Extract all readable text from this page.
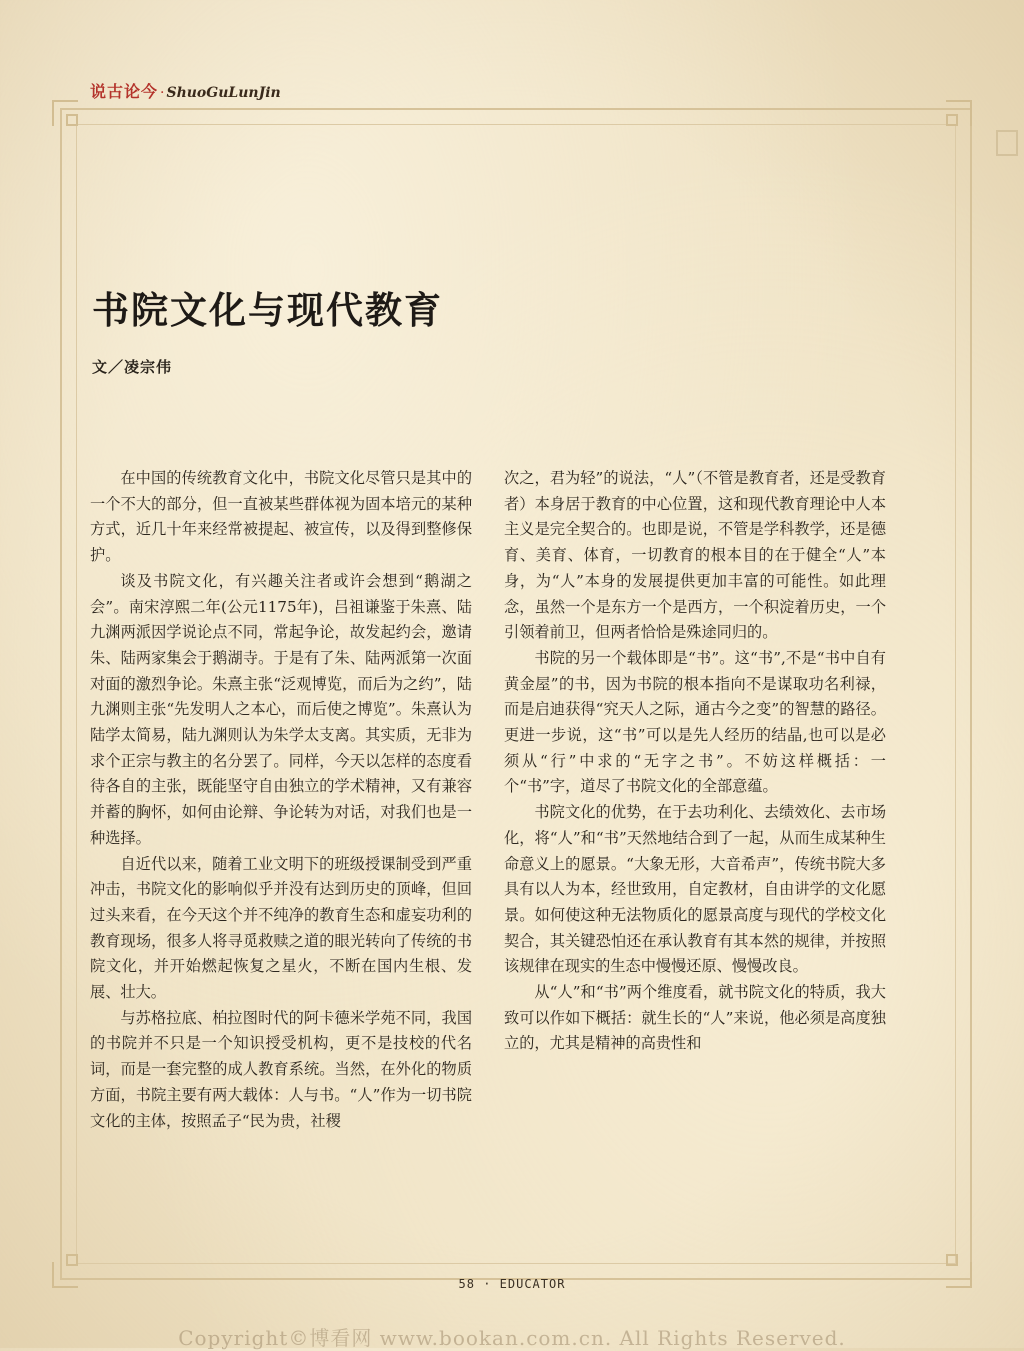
说古论今 · ShuoGuLunJin
书院文化与现代教育
文／凌宗伟

在中国的传统教育文化中，书院文化尽管只是其中的一个不大的部分，但一直被某些群体视为固本培元的某种方式，近几十年来经常被提起、被宣传，以及得到整修保护。

谈及书院文化，有兴趣关注者或许会想到“鹅湖之会”。南宋淳熙二年(公元1175年)，吕祖谦鉴于朱熹、陆九渊两派因学说论点不同，常起争论，故发起约会，邀请朱、陆两家集会于鹅湖寺。于是有了朱、陆两派第一次面对面的激烈争论。朱熹主张“泛观博览，而后为之约”，陆九渊则主张“先发明人之本心，而后使之博览”。朱熹认为陆学太简易，陆九渊则认为朱学太支离。其实质，无非为求个正宗与教主的名分罢了。同样，今天以怎样的态度看待各自的主张，既能坚守自由独立的学术精神，又有兼容并蓄的胸怀，如何由论辩、争论转为对话，对我们也是一种选择。

自近代以来，随着工业文明下的班级授课制受到严重冲击，书院文化的影响似乎并没有达到历史的顶峰，但回过头来看，在今天这个并不纯净的教育生态和虚妄功利的教育现场，很多人将寻觅救赎之道的眼光转向了传统的书院文化，并开始燃起恢复之星火，不断在国内生根、发展、壮大。

与苏格拉底、柏拉图时代的阿卡德米学苑不同，我国的书院并不只是一个知识授受机构，更不是技校的代名词，而是一套完整的成人教育系统。当然，在外化的物质方面，书院主要有两大载体：人与书。“人”作为一切书院文化的主体，按照孟子“民为贵，社稷

次之，君为轻”的说法，“人”（不管是教育者，还是受教育者）本身居于教育的中心位置，这和现代教育理论中人本主义是完全契合的。也即是说，不管是学科教学，还是德育、美育、体育，一切教育的根本目的在于健全“人”本身，为“人”本身的发展提供更加丰富的可能性。如此理念，虽然一个是东方一个是西方，一个积淀着历史，一个引领着前卫，但两者恰恰是殊途同归的。

书院的另一个载体即是“书”。这“书”,不是“书中自有黄金屋”的书，因为书院的根本指向不是谋取功名利禄，而是启迪获得“究天人之际，通古今之变”的智慧的路径。更进一步说，这“书”可以是先人经历的结晶,也可以是必须从“行”中求的“无字之书”。不妨这样概括：一个“书”字，道尽了书院文化的全部意蕴。

书院文化的优势，在于去功利化、去绩效化、去市场化，将“人”和“书”天然地结合到了一起，从而生成某种生命意义上的愿景。“大象无形，大音希声”，传统书院大多具有以人为本，经世致用，自定教材，自由讲学的文化愿景。如何使这种无法物质化的愿景高度与现代的学校文化契合，其关键恐怕还在承认教育有其本然的规律，并按照该规律在现实的生态中慢慢还原、慢慢改良。

从“人”和“书”两个维度看，就书院文化的特质，我大致可以作如下概括：就生长的“人”来说，他必须是高度独立的，尤其是精神的高贵性和

58 · EDUCATOR
Copyright©博看网 www.bookan.com.cn. All Rights Reserved.
